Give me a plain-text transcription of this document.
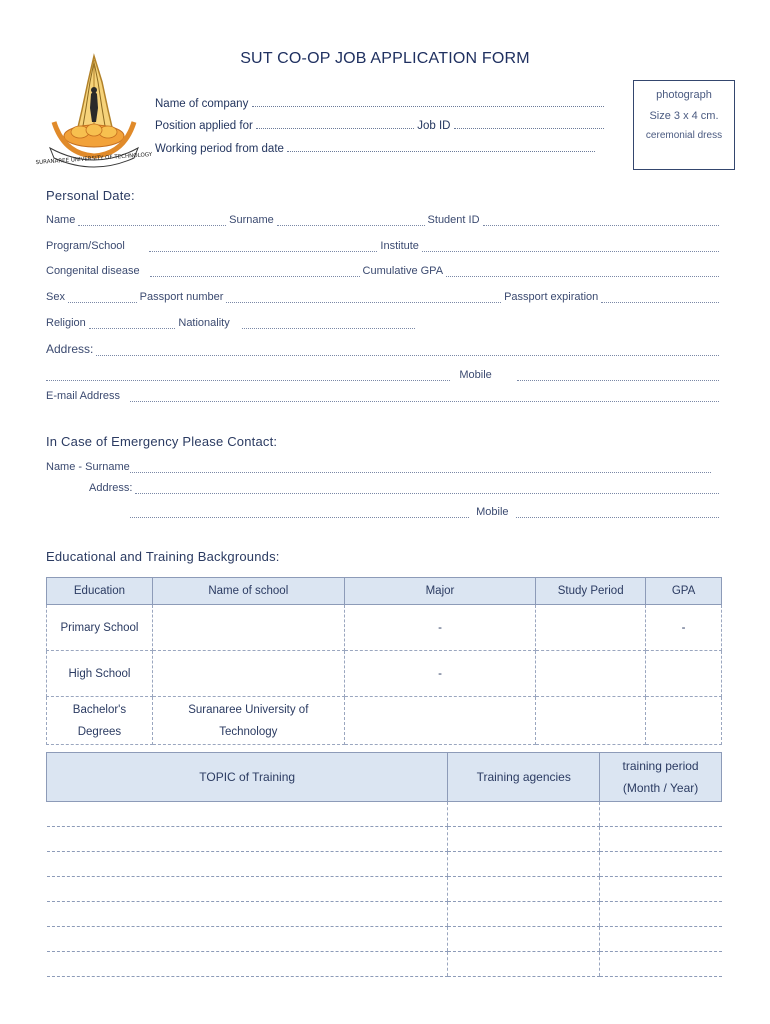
SUT CO-OP JOB APPLICATION FORM
SURANAREE UNIVERSITY OF TECHNOLOGY
Name of company
Position applied for	Job ID
Working period from date
photograph
Size 3 x 4 cm.
ceremonial dress
Personal Date:
Name	Surname	Student ID
Program/School	Institute
Congenital disease	Cumulative GPA
Sex	Passport number	Passport expiration
Religion	Nationality
Address:
Mobile
E-mail Address
In Case of Emergency Please Contact:
Name - Surname
Address:
Mobile
Educational and Training Backgrounds:
Education	Name of school	Major	Study Period	GPA
Primary School		-		-
High School		-		
Bachelor's Degrees	Suranaree University of Technology			
TOPIC of Training	Training agencies	training period
(Month / Year)
